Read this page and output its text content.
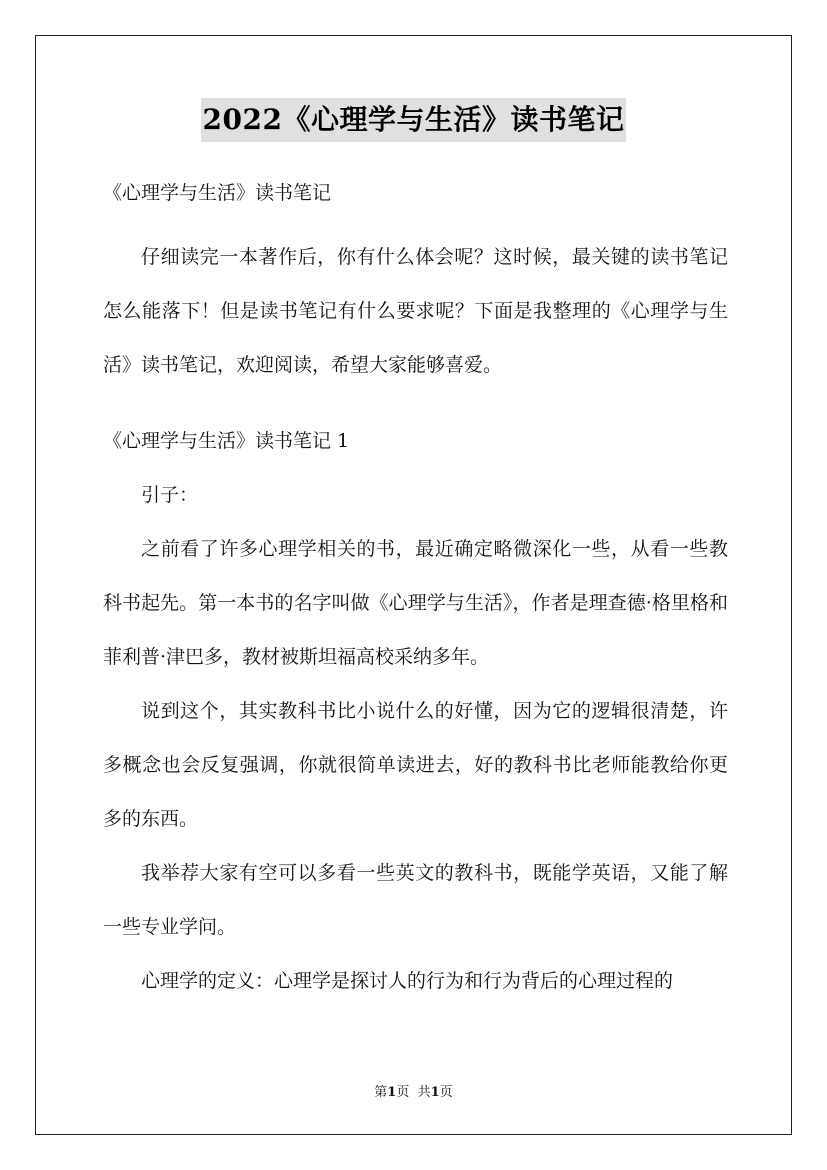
2022《心理学与生活》读书笔记
《心理学与生活》读书笔记

仔细读完一本著作后，你有什么体会呢？这时候，最关键的读书笔记怎么能落下！但是读书笔记有什么要求呢？下面是我整理的《心理学与生活》读书笔记，欢迎阅读，希望大家能够喜爱。

《心理学与生活》读书笔记 1

引子：

之前看了许多心理学相关的书，最近确定略微深化一些，从看一些教科书起先。第一本书的名字叫做《心理学与生活》，作者是理查德·格里格和菲利普·津巴多，教材被斯坦福高校采纳多年。

说到这个，其实教科书比小说什么的好懂，因为它的逻辑很清楚，许多概念也会反复强调，你就很简单读进去，好的教科书比老师能教给你更多的东西。

我举荐大家有空可以多看一些英文的教科书，既能学英语，又能了解一些专业学问。

心理学的定义：心理学是探讨人的行为和行为背后的心理过程的

第1页 共1页
